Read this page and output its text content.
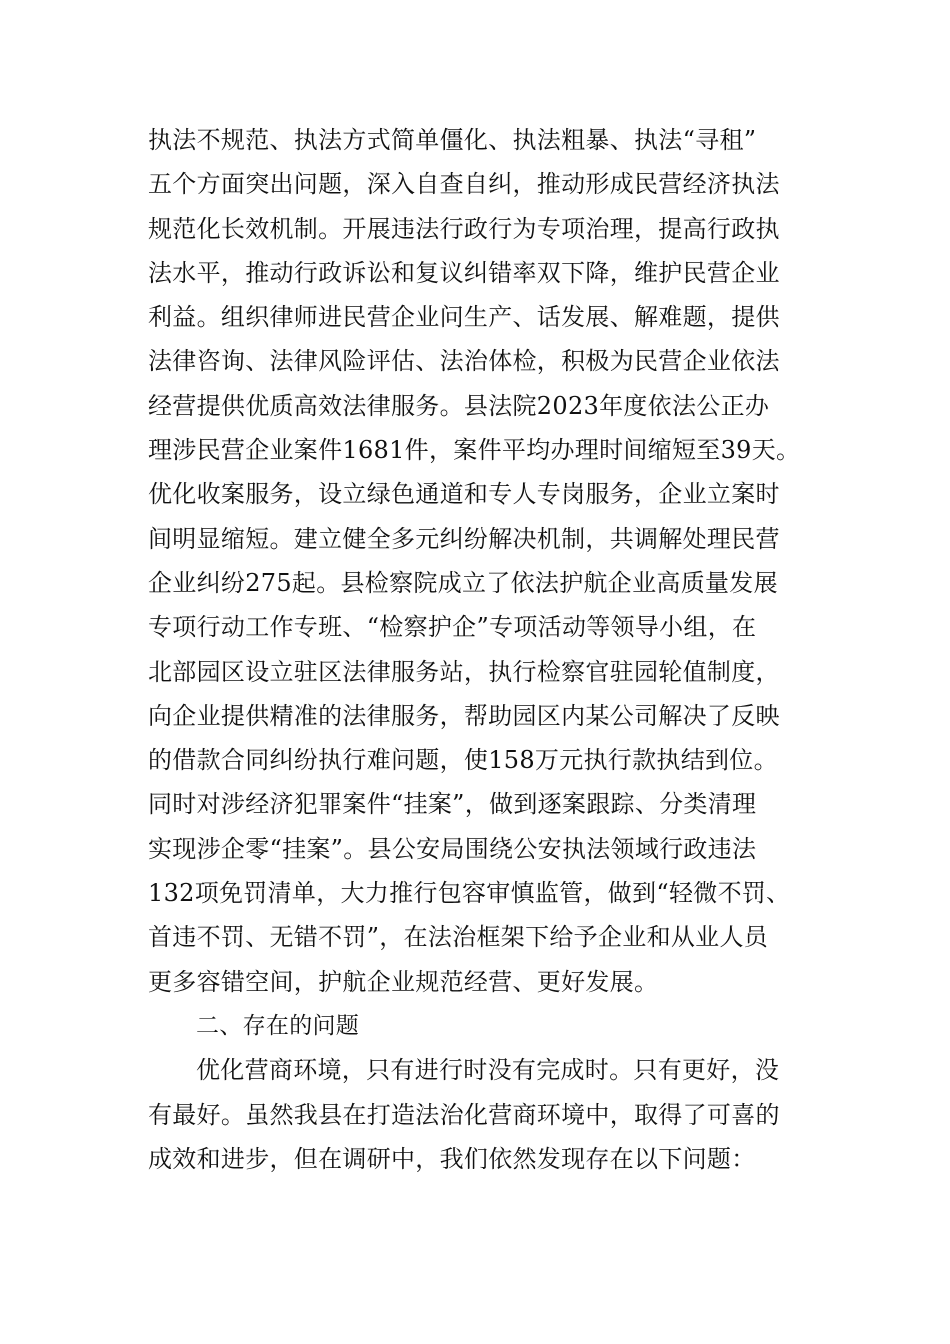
执法不规范、执法方式简单僵化、执法粗暴、执法“寻租”
五个方面突出问题，深入自查自纠，推动形成民营经济执法
规范化长效机制。开展违法行政行为专项治理，提高行政执
法水平，推动行政诉讼和复议纠错率双下降，维护民营企业
利益。组织律师进民营企业问生产、话发展、解难题，提供
法律咨询、法律风险评估、法治体检，积极为民营企业依法
经营提供优质高效法律服务。县法院2023年度依法公正办
理涉民营企业案件1681件，案件平均办理时间缩短至39天。
优化收案服务，设立绿色通道和专人专岗服务，企业立案时
间明显缩短。建立健全多元纠纷解决机制，共调解处理民营
企业纠纷275起。县检察院成立了依法护航企业高质量发展
专项行动工作专班、“检察护企”专项活动等领导小组，在
北部园区设立驻区法律服务站，执行检察官驻园轮值制度，
向企业提供精准的法律服务，帮助园区内某公司解决了反映
的借款合同纠纷执行难问题，使158万元执行款执结到位。
同时对涉经济犯罪案件“挂案”，做到逐案跟踪、分类清理
实现涉企零“挂案”。县公安局围绕公安执法领域行政违法
132项免罚清单，大力推行包容审慎监管，做到“轻微不罚、
首违不罚、无错不罚”，在法治框架下给予企业和从业人员
更多容错空间，护航企业规范经营、更好发展。
二、存在的问题
优化营商环境，只有进行时没有完成时。只有更好，没
有最好。虽然我县在打造法治化营商环境中，取得了可喜的
成效和进步，但在调研中，我们依然发现存在以下问题：
